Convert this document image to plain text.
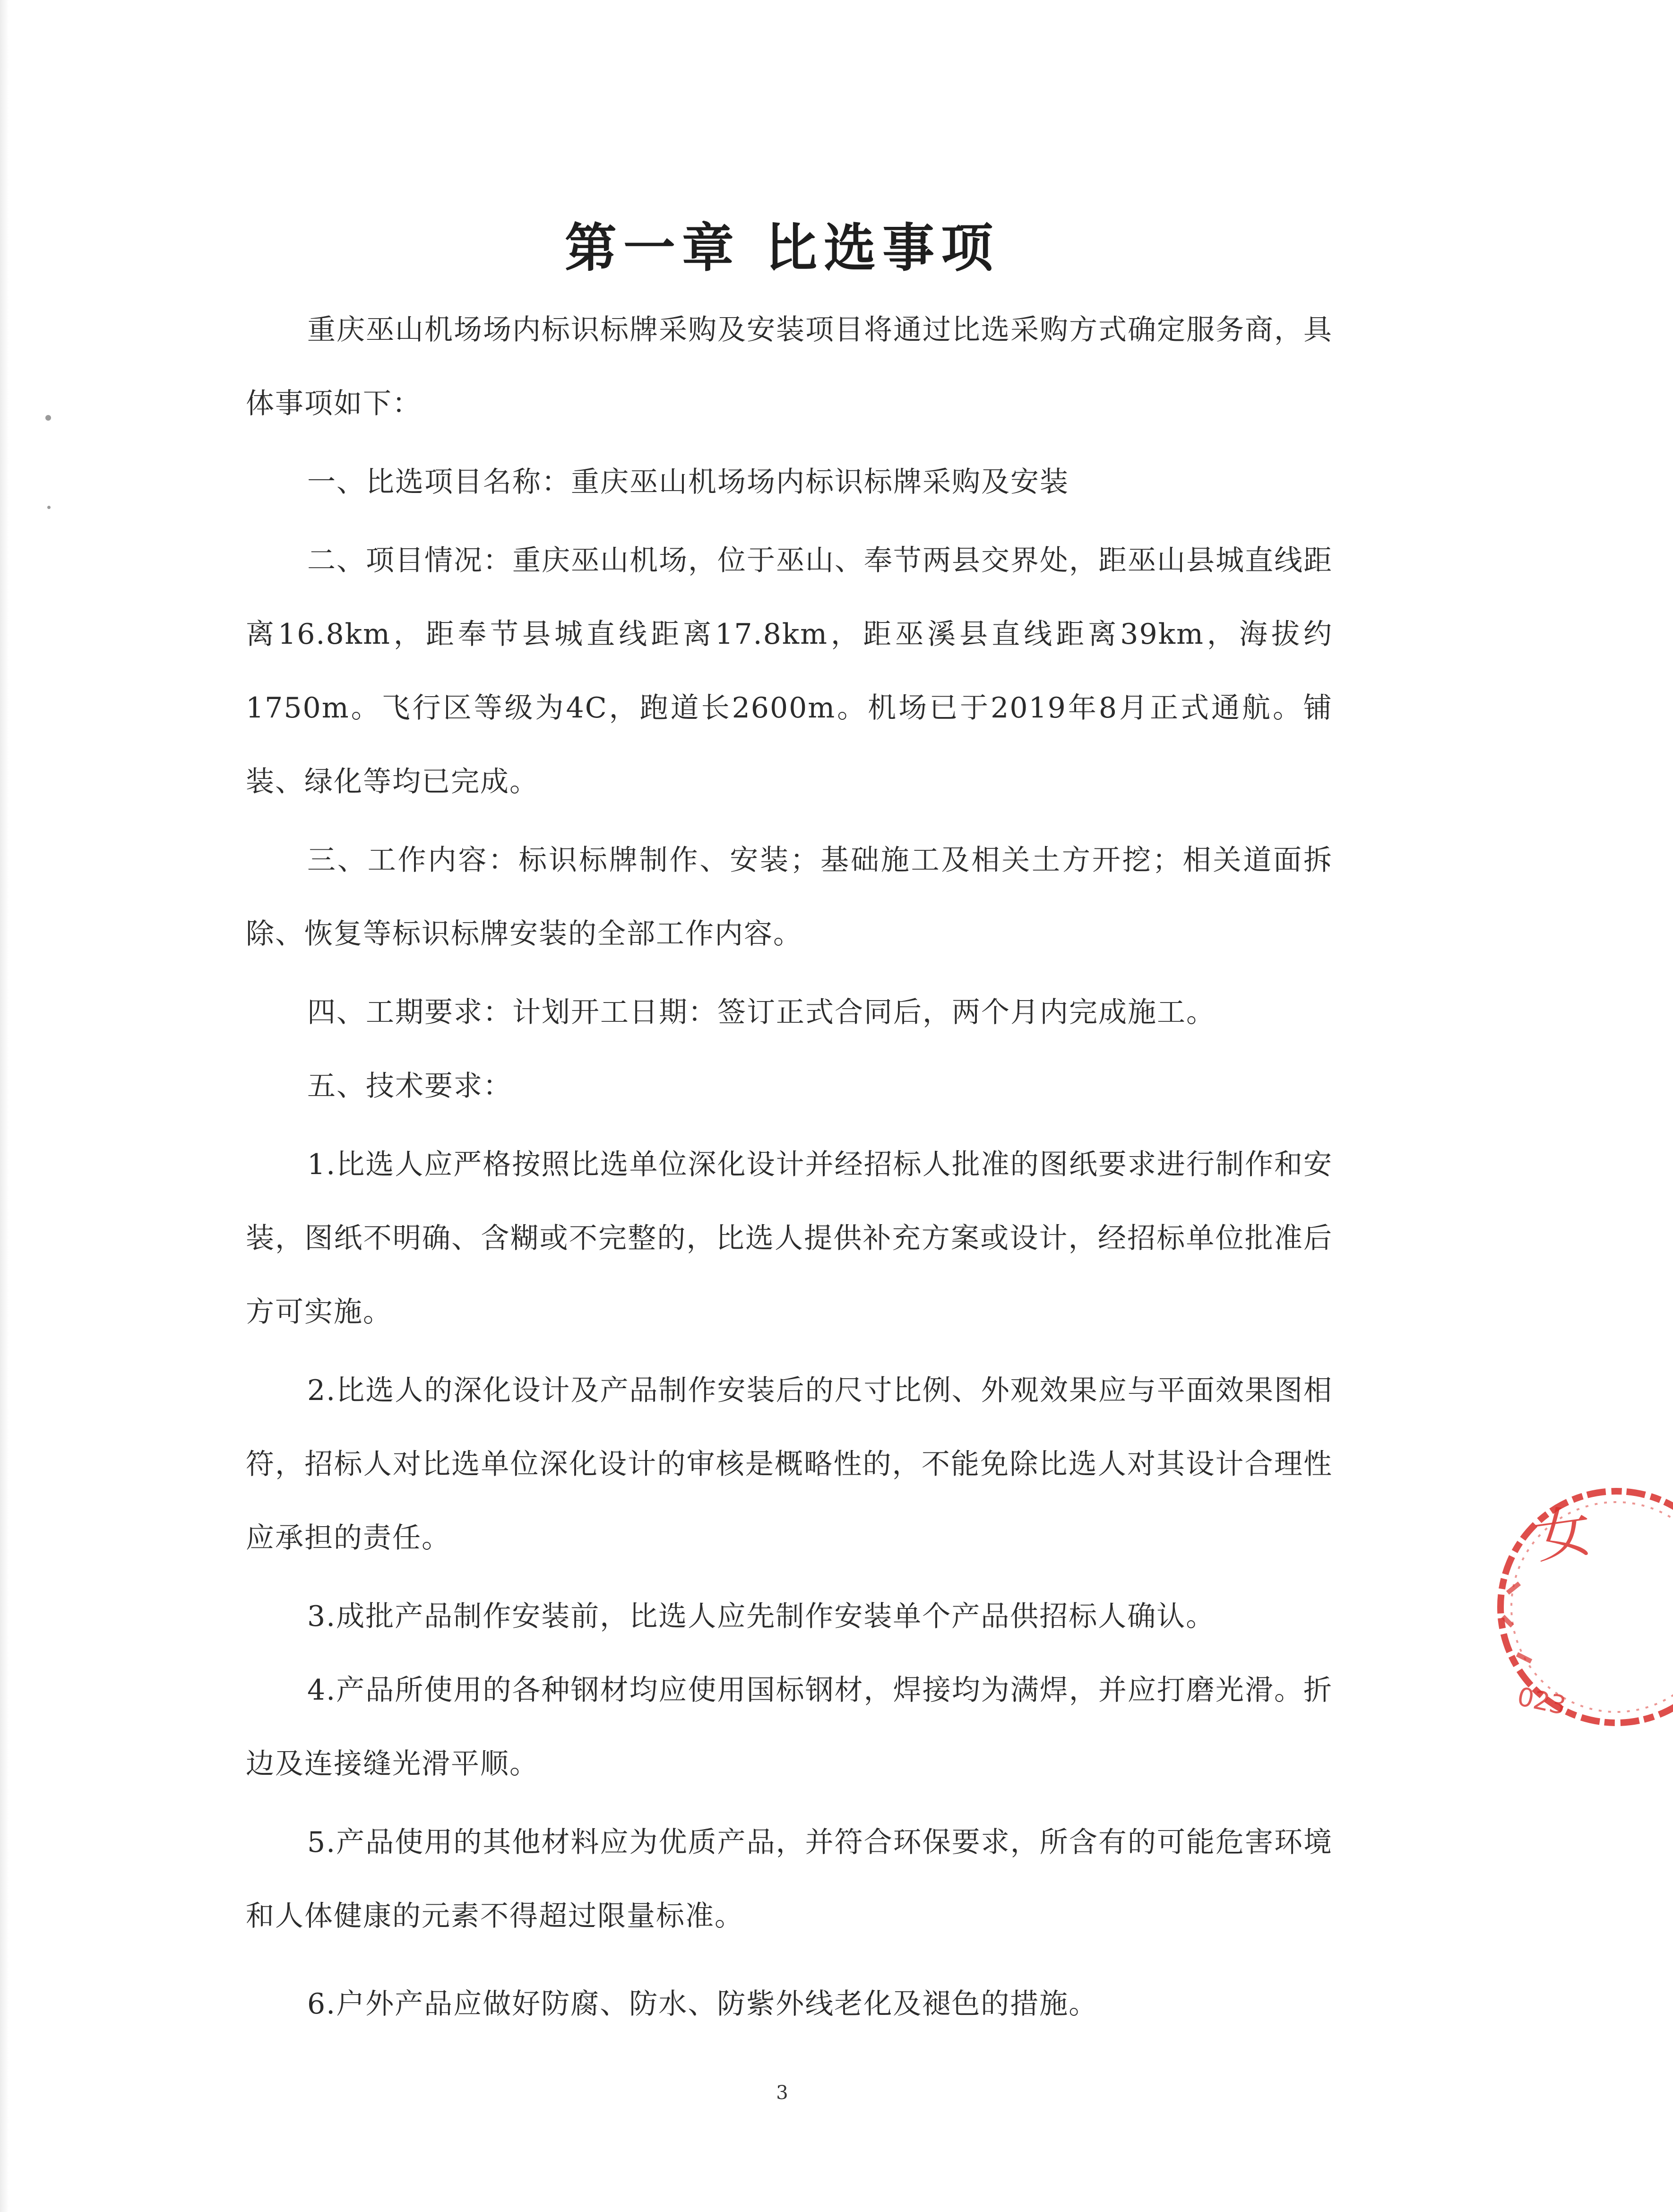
第一章 比选事项

重庆巫山机场场内标识标牌采购及安装项目将通过比选采购方式确定服务商，具体事项如下：

一、比选项目名称：重庆巫山机场场内标识标牌采购及安装

二、项目情况：重庆巫山机场，位于巫山、奉节两县交界处，距巫山县城直线距离16.8km，距奉节县城直线距离17.8km，距巫溪县直线距离39km，海拔约1750m。飞行区等级为4C，跑道长2600m。机场已于2019年8月正式通航。铺装、绿化等均已完成。

三、工作内容：标识标牌制作、安装；基础施工及相关土方开挖；相关道面拆除、恢复等标识标牌安装的全部工作内容。

四、工期要求：计划开工日期：签订正式合同后，两个月内完成施工。

五、技术要求：

1.比选人应严格按照比选单位深化设计并经招标人批准的图纸要求进行制作和安装，图纸不明确、含糊或不完整的，比选人提供补充方案或设计，经招标单位批准后方可实施。

2.比选人的深化设计及产品制作安装后的尺寸比例、外观效果应与平面效果图相符，招标人对比选单位深化设计的审核是概略性的，不能免除比选人对其设计合理性应承担的责任。

3.成批产品制作安装前，比选人应先制作安装单个产品供招标人确认。

4.产品所使用的各种钢材均应使用国标钢材，焊接均为满焊，并应打磨光滑。折边及连接缝光滑平顺。

5.产品使用的其他材料应为优质产品，并符合环保要求，所含有的可能危害环境和人体健康的元素不得超过限量标准。

6.户外产品应做好防腐、防水、防紫外线老化及褪色的措施。

3
女
023
